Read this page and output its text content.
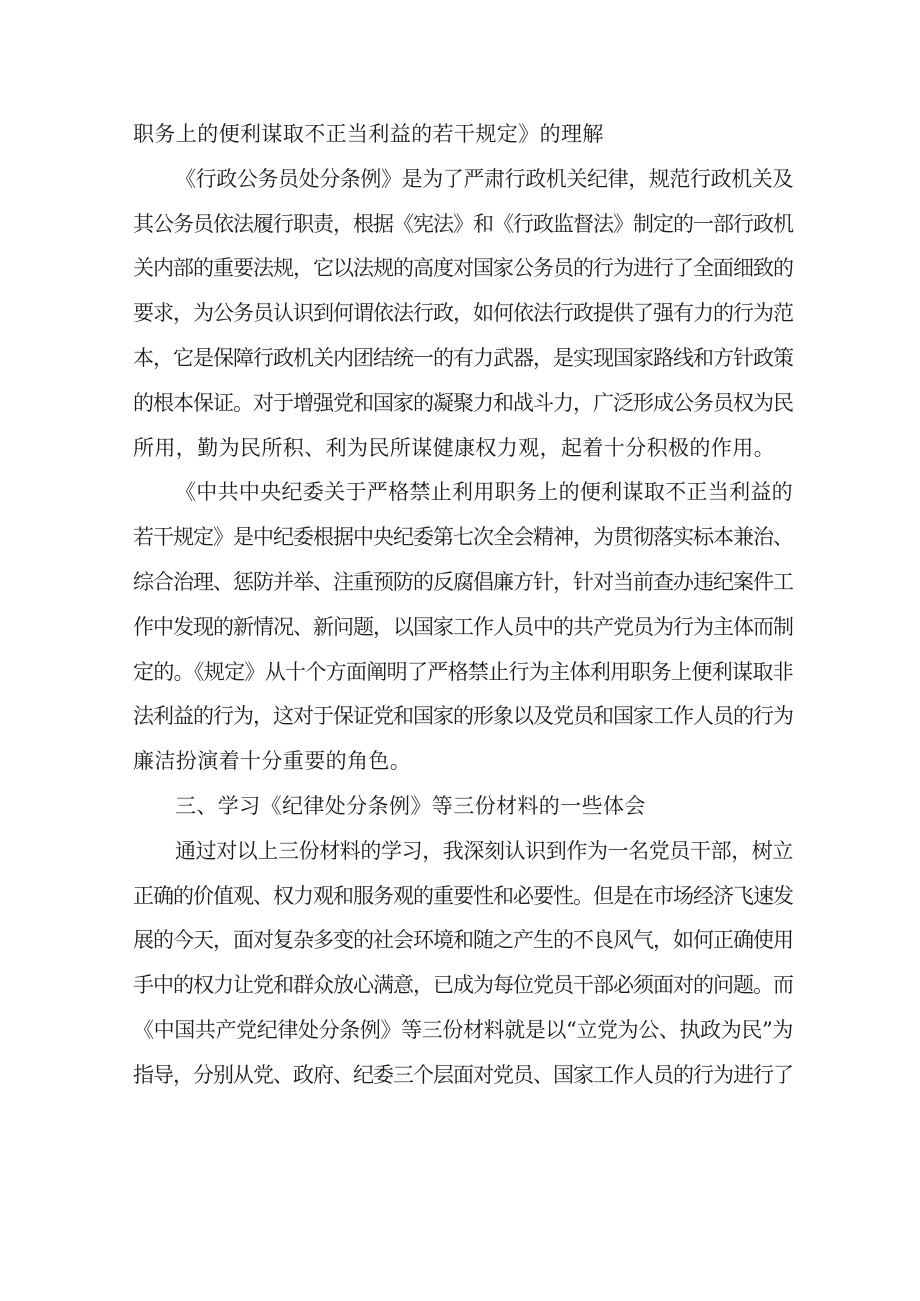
职务上的便利谋取不正当利益的若干规定》的理解
《行政公务员处分条例》是为了严肃行政机关纪律，规范行政机关及
其公务员依法履行职责，根据《宪法》和《行政监督法》制定的一部行政机
关内部的重要法规，它以法规的高度对国家公务员的行为进行了全面细致的
要求，为公务员认识到何谓依法行政，如何依法行政提供了强有力的行为范
本，它是保障行政机关内团结统一的有力武器，是实现国家路线和方针政策
的根本保证。对于增强党和国家的凝聚力和战斗力，广泛形成公务员权为民
所用，勤为民所积、利为民所谋健康权力观，起着十分积极的作用。
《中共中央纪委关于严格禁止利用职务上的便利谋取不正当利益的
若干规定》是中纪委根据中央纪委第七次全会精神，为贯彻落实标本兼治、
综合治理、惩防并举、注重预防的反腐倡廉方针，针对当前查办违纪案件工
作中发现的新情况、新问题，以国家工作人员中的共产党员为行为主体而制
定的。《规定》从十个方面阐明了严格禁止行为主体利用职务上便利谋取非
法利益的行为，这对于保证党和国家的形象以及党员和国家工作人员的行为
廉洁扮演着十分重要的角色。
三、学习《纪律处分条例》等三份材料的一些体会
通过对以上三份材料的学习，我深刻认识到作为一名党员干部，树立
正确的价值观、权力观和服务观的重要性和必要性。但是在市场经济飞速发
展的今天，面对复杂多变的社会环境和随之产生的不良风气，如何正确使用
手中的权力让党和群众放心满意，已成为每位党员干部必须面对的问题。而
《中国共产党纪律处分条例》等三份材料就是以“立党为公、执政为民”为
指导，分别从党、政府、纪委三个层面对党员、国家工作人员的行为进行了
